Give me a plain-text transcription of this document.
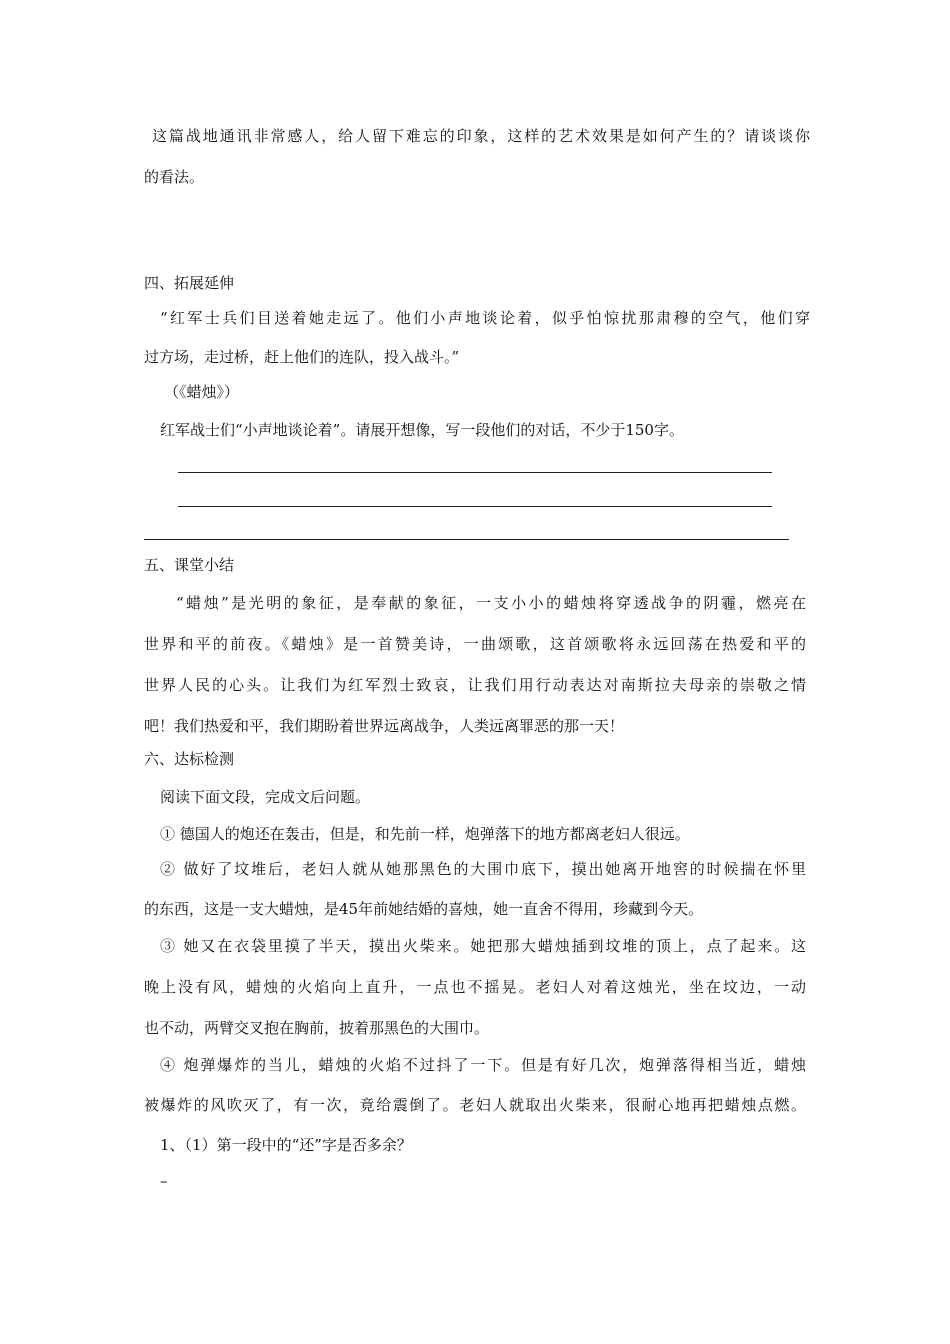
这篇战地通讯非常感人，给人留下难忘的印象，这样的艺术效果是如何产生的？请谈谈你
的看法。
四、拓展延伸
“红军士兵们目送着她走远了。他们小声地谈论着，似乎怕惊扰那肃穆的空气，他们穿
过方场，走过桥，赶上他们的连队，投入战斗。”
（《蜡烛》）
红军战士们“小声地谈论着”。请展开想像，写一段他们的对话，不少于150字。
五、课堂小结
“蜡烛”是光明的象征，是奉献的象征，一支小小的蜡烛将穿透战争的阴霾，燃亮在
世界和平的前夜。《蜡烛》是一首赞美诗，一曲颂歌，这首颂歌将永远回荡在热爱和平的
世界人民的心头。让我们为红军烈士致哀，让我们用行动表达对南斯拉夫母亲的崇敬之情
吧！我们热爱和平，我们期盼着世界远离战争，人类远离罪恶的那一天！
六、达标检测
阅读下面文段，完成文后问题。
① 德国人的炮还在轰击，但是，和先前一样，炮弹落下的地方都离老妇人很远。
② 做好了坟堆后，老妇人就从她那黑色的大围巾底下，摸出她离开地窖的时候揣在怀里
的东西，这是一支大蜡烛，是45年前她结婚的喜烛，她一直舍不得用，珍藏到今天。
③ 她又在衣袋里摸了半天，摸出火柴来。她把那大蜡烛插到坟堆的顶上，点了起来。这
晚上没有风，蜡烛的火焰向上直升，一点也不摇晃。老妇人对着这烛光，坐在坟边，一动
也不动，两臂交叉抱在胸前，披着那黑色的大围巾。
④ 炮弹爆炸的当儿，蜡烛的火焰不过抖了一下。但是有好几次，炮弹落得相当近，蜡烛
被爆炸的风吹灭了，有一次，竟给震倒了。老妇人就取出火柴来，很耐心地再把蜡烛点燃。
1、（1）第一段中的“还”字是否多余？
–
